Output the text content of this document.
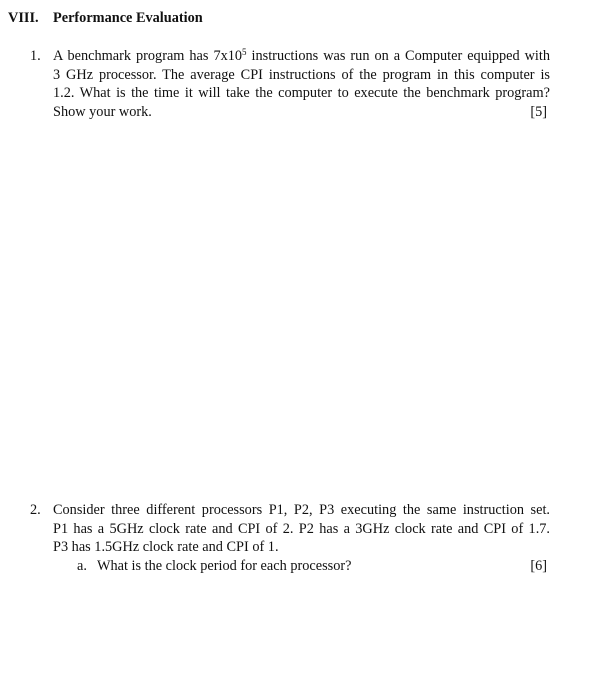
VIII. Performance Evaluation
1. A benchmark program has $7x10^5$ instructions was run on a Computer equipped with
3 GHz processor. The average CPI instructions of the program in this computer is
1.2. What is the time it will take the computer to execute the benchmark program?
Show your work.	[5]
2. Consider three different processors P1, P2, P3 executing the same instruction set.
P1 has a 5GHz clock rate and CPI of 2. P2 has a 3GHz clock rate and CPI of 1.7.
P3 has 1.5GHz clock rate and CPI of 1.
a. What is the clock period for each processor?	[6]
